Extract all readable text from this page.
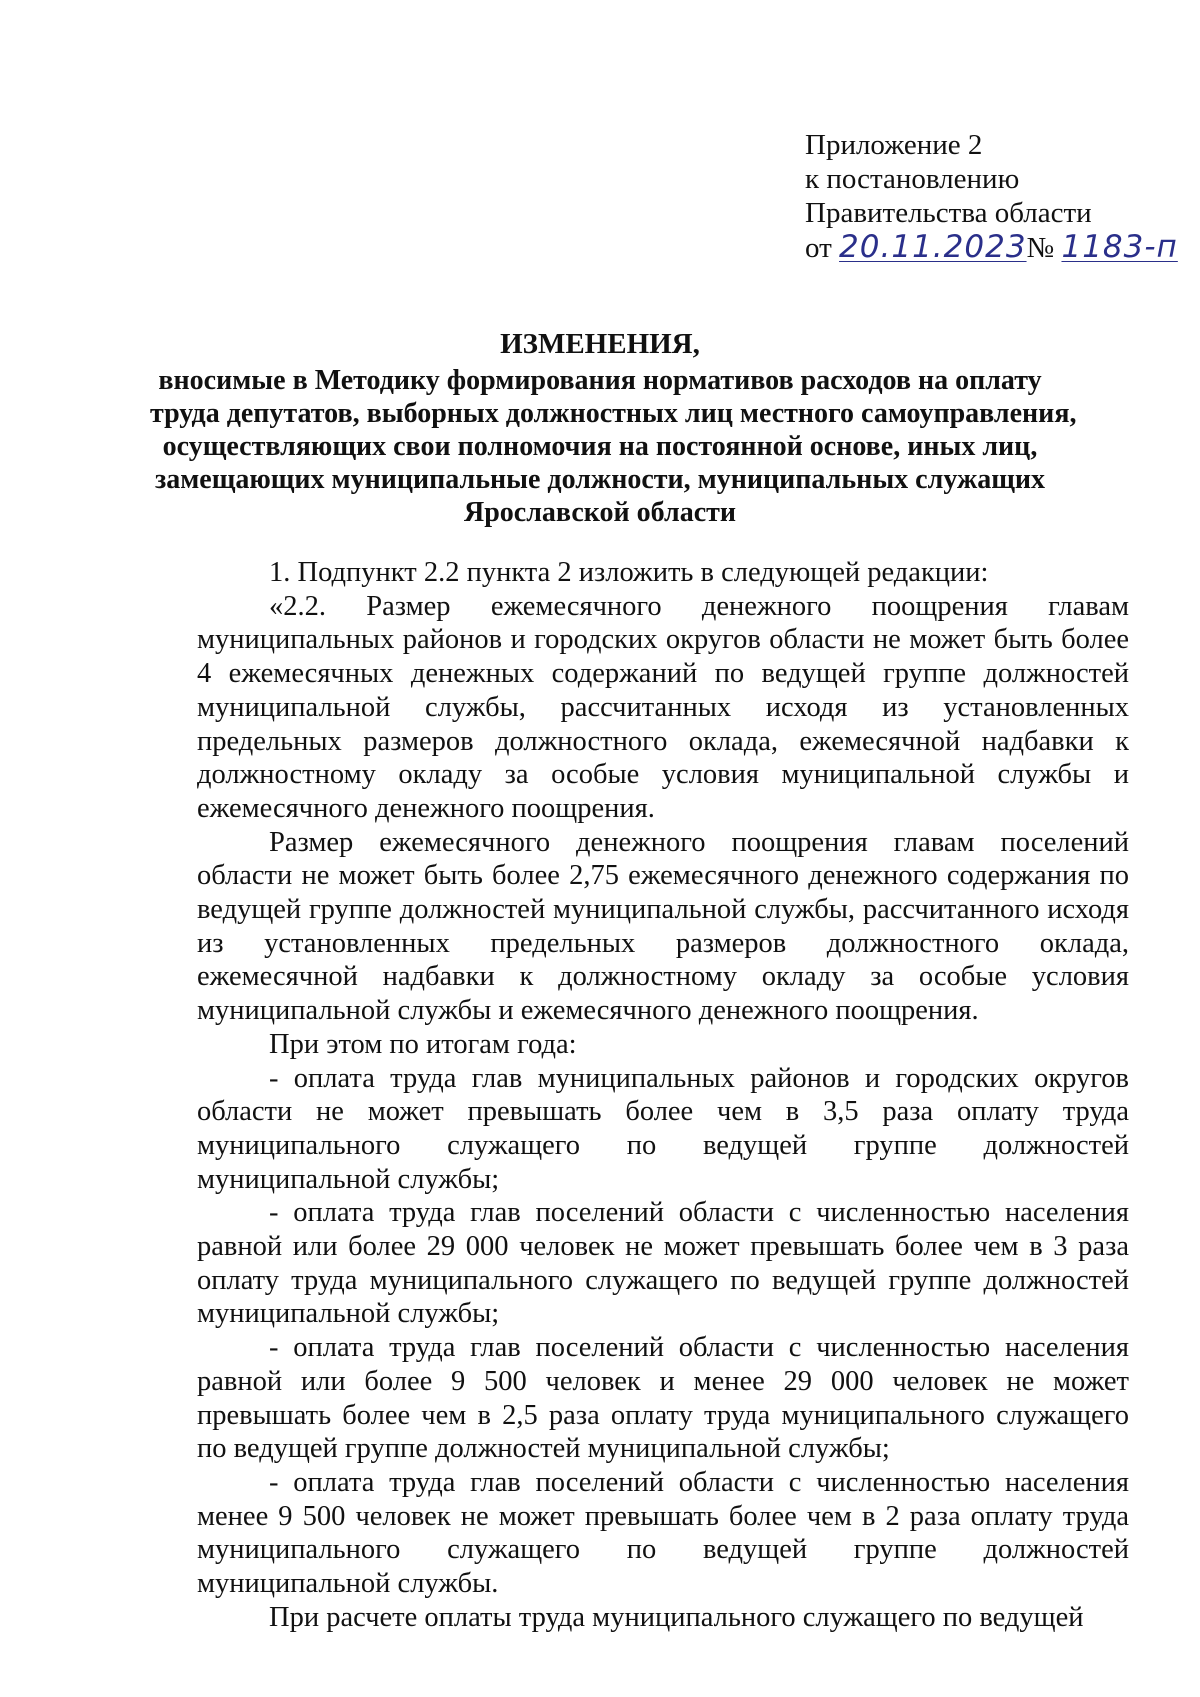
Приложение 2
к постановлению
Правительства области
от 20.11.2023№ 1183-п
ИЗМЕНЕНИЯ,
вносимые в Методику формирования нормативов расходов на оплату
труда депутатов, выборных должностных лиц местного самоуправления,
осуществляющих свои полномочия на постоянной основе, иных лиц,
замещающих муниципальные должности, муниципальных служащих
Ярославской области

1. Подпункт 2.2 пункта 2 изложить в следующей редакции:

«2.2. Размер ежемесячного денежного поощрения главам муниципальных районов и городских округов области не может быть более 4 ежемесячных денежных содержаний по ведущей группе должностей муниципальной службы, рассчитанных исходя из установленных предельных размеров должностного оклада, ежемесячной надбавки к должностному окладу за особые условия муниципальной службы и ежемесячного денежного поощрения.

Размер ежемесячного денежного поощрения главам поселений области не может быть более 2,75 ежемесячного денежного содержания по ведущей группе должностей муниципальной службы, рассчитанного исходя из установленных предельных размеров должностного оклада, ежемесячной надбавки к должностному окладу за особые условия муниципальной службы и ежемесячного денежного поощрения.

При этом по итогам года:

- оплата труда глав муниципальных районов и городских округов области не может превышать более чем в 3,5 раза оплату труда муниципального служащего по ведущей группе должностей муниципальной службы;

- оплата труда глав поселений области с численностью населения равной или более 29 000 человек не может превышать более чем в 3 раза оплату труда муниципального служащего по ведущей группе должностей муниципальной службы;

- оплата труда глав поселений области с численностью населения равной или более 9 500 человек и менее 29 000 человек не может превышать более чем в 2,5 раза оплату труда муниципального служащего по ведущей группе должностей муниципальной службы;

- оплата труда глав поселений области с численностью населения менее 9 500 человек не может превышать более чем в 2 раза оплату труда муниципального служащего по ведущей группе должностей муниципальной службы.

При расчете оплаты труда муниципального служащего по ведущей
